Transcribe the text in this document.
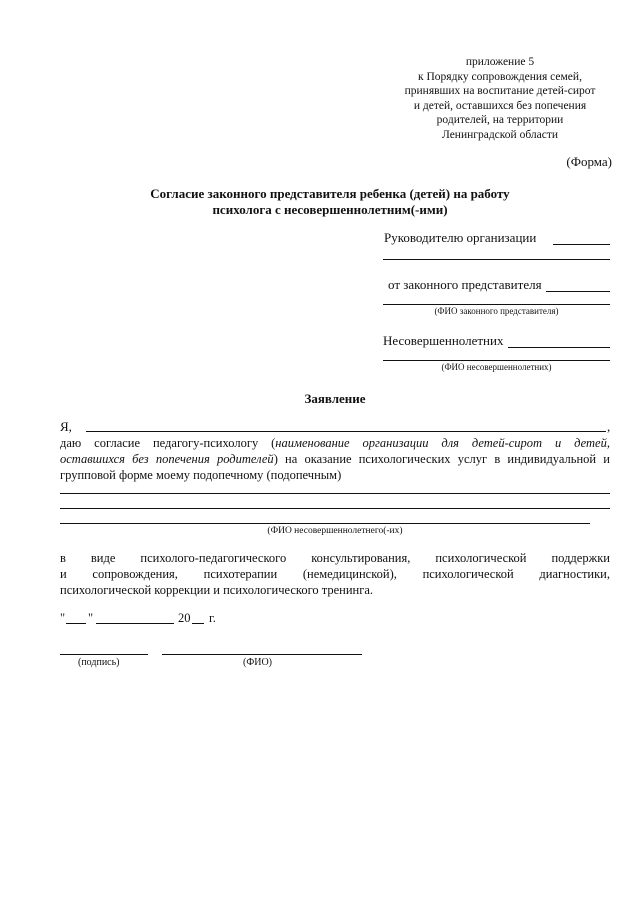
приложение 5
к Порядку сопровождения семей,
принявших на воспитание детей-сирот
и детей, оставшихся без попечения
родителей, на территории
Ленинградской области
(Форма)
Согласие законного представителя ребенка (детей) на работу
психолога с несовершеннолетним(-ими)
Руководителю организации
от законного представителя
(ФИО законного представителя)
Несовершеннолетних
(ФИО несовершеннолетних)
Заявление
Я,	,
даю согласие педагогу-психологу (наименование организации для детей-сирот и детей,
оставшихся без попечения родителей) на оказание психологических услуг в индивидуальной и
групповой форме моему подопечному (подопечным)
(ФИО несовершеннолетнего(-их)
в виде психолого-педагогического консультирования, психологической поддержки
и сопровождения, психотерапии (немедицинской), психологической диагностики,
психологической коррекции и психологического тренинга.
" "	20 г.
(подпись)	(ФИО)
